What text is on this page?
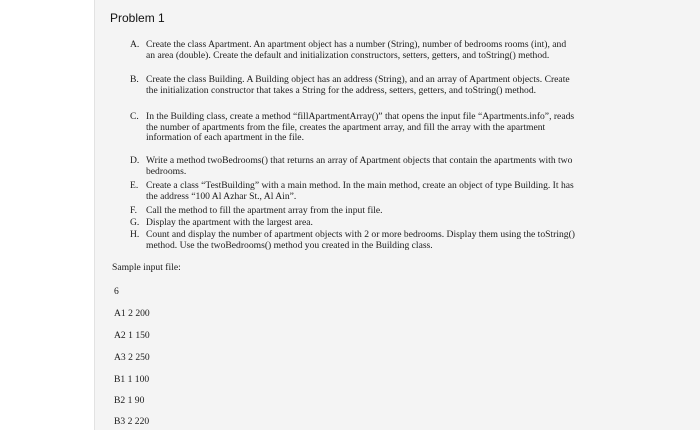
Problem 1
A. Create the class Apartment. An apartment object has a number (String), number of bedrooms rooms (int), and an area (double). Create the default and initialization constructors, setters, getters, and toString() method.
B. Create the class Building. A Building object has an address (String), and an array of Apartment objects. Create the initialization constructor that takes a String for the address, setters, getters, and toString() method.
C. In the Building class, create a method “fillApartmentArray()” that opens the input file “Apartments.info”, reads the number of apartments from the file, creates the apartment array, and fill the array with the apartment information of each apartment in the file.
D. Write a method twoBedrooms() that returns an array of Apartment objects that contain the apartments with two bedrooms.
E. Create a class “TestBuilding” with a main method. In the main method, create an object of type Building. It has the address “100 Al Azhar St., Al Ain”.
F. Call the method to fill the apartment array from the input file.
G. Display the apartment with the largest area.
H. Count and display the number of apartment objects with 2 or more bedrooms. Display them using the toString() method. Use the twoBedrooms() method you created in the Building class.
Sample input file:
6
A1 2 200
A2 1 150
A3 2 250
B1 1 100
B2 1 90
B3 2 220
